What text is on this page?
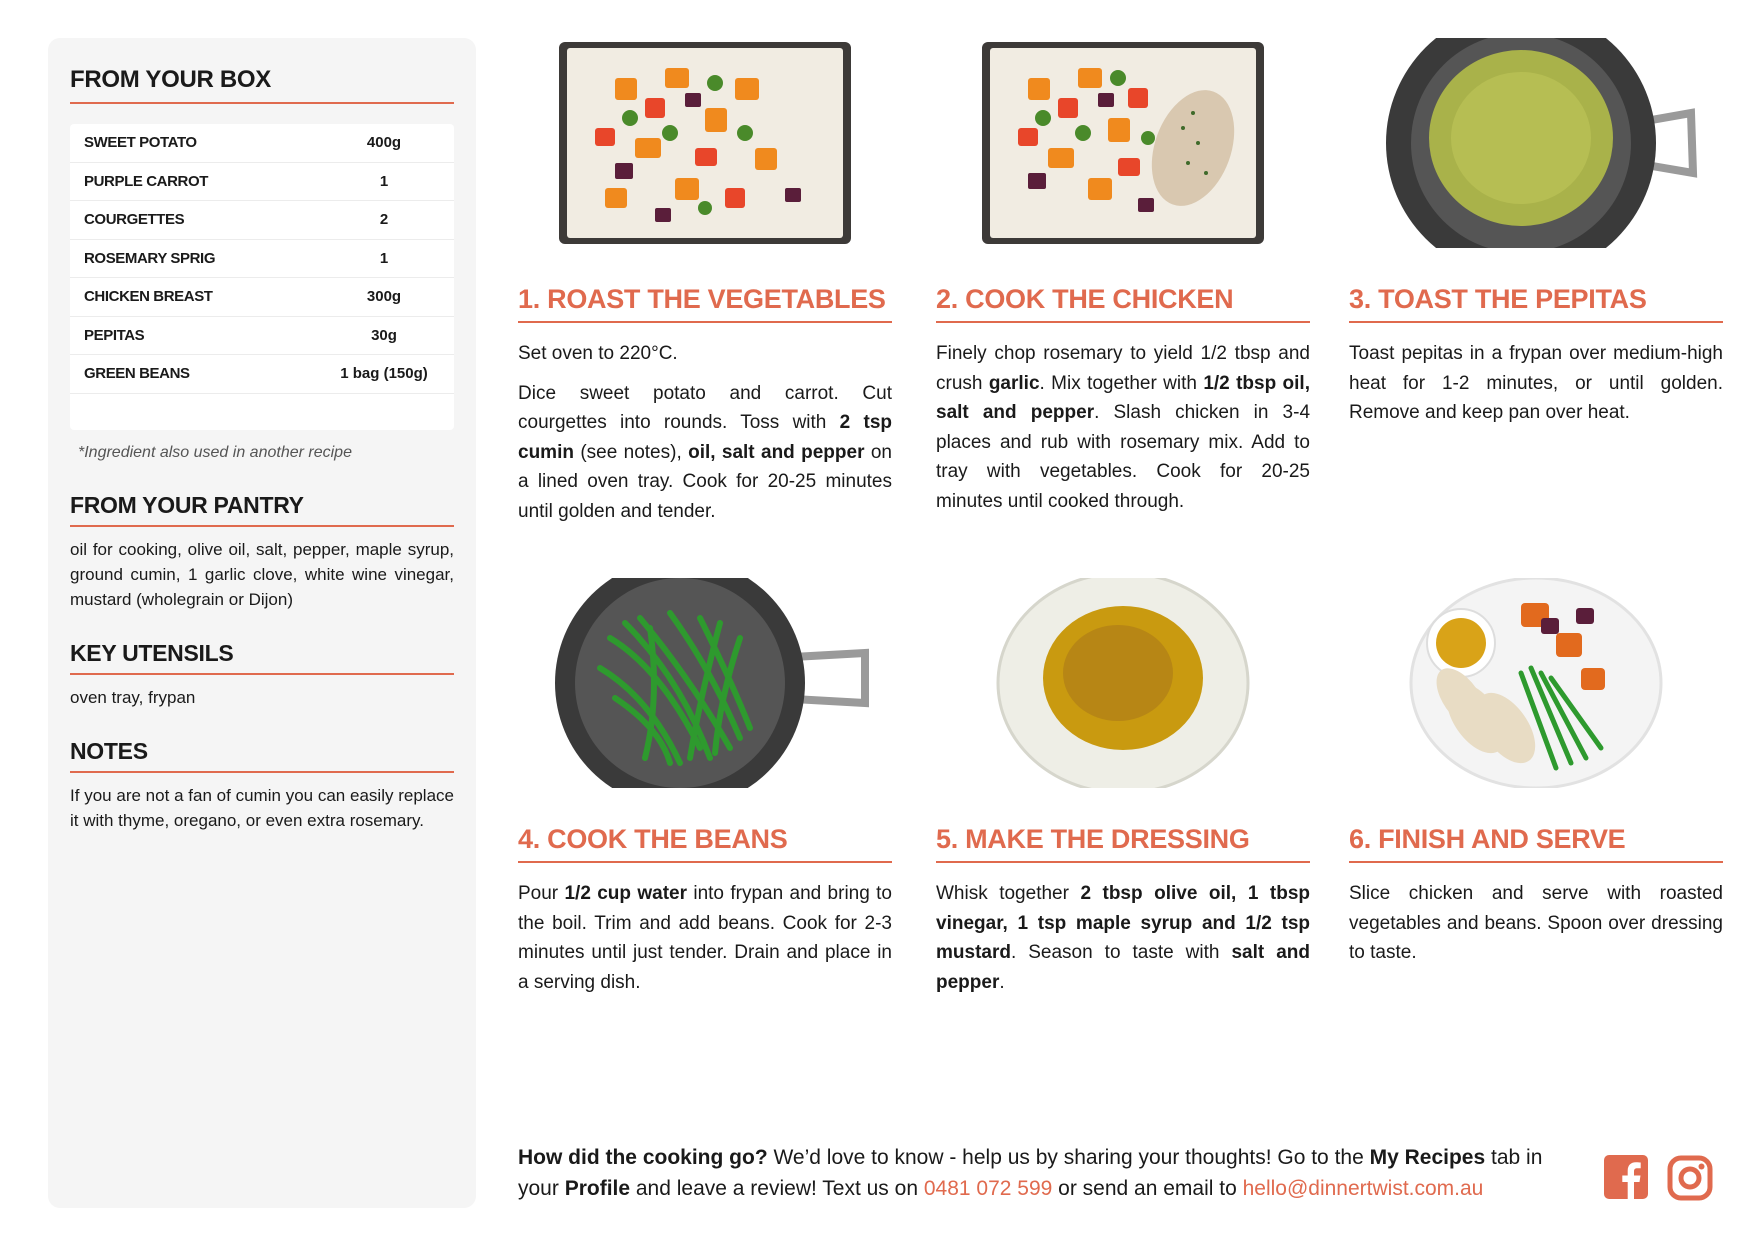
FROM YOUR BOX
SWEET POTATO	400g
PURPLE CARROT	1
COURGETTES	2
ROSEMARY SPRIG	1
CHICKEN BREAST	300g
PEPITAS	30g
GREEN BEANS	1 bag (150g)
*Ingredient also used in another recipe
FROM YOUR PANTRY
oil for cooking, olive oil, salt, pepper, maple syrup, ground cumin, 1 garlic clove, white wine vinegar, mustard (wholegrain or Dijon)
KEY UTENSILS
oven tray, frypan
NOTES
If you are not a fan of cumin you can easily replace it with thyme, oregano, or even extra rosemary.
1. ROAST THE VEGETABLES

Set oven to 220°C.

Dice sweet potato and carrot. Cut courgettes into rounds. Toss with 2 tsp cumin (see notes), oil, salt and pepper on a lined oven tray. Cook for 20-25 minutes until golden and tender.

2. COOK THE CHICKEN

Finely chop rosemary to yield 1/2 tbsp and crush garlic. Mix together with 1/2 tbsp oil, salt and pepper. Slash chicken in 3-4 places and rub with rosemary mix. Add to tray with vegetables. Cook for 20-25 minutes until cooked through.

3. TOAST THE PEPITAS

Toast pepitas in a frypan over medium-high heat for 1-2 minutes, or until golden. Remove and keep pan over heat.

4. COOK THE BEANS

Pour 1/2 cup water into frypan and bring to the boil. Trim and add beans. Cook for 2-3 minutes until just tender. Drain and place in a serving dish.

5. MAKE THE DRESSING

Whisk together 2 tbsp olive oil, 1 tbsp vinegar, 1 tsp maple syrup and 1/2 tsp mustard. Season to taste with salt and pepper.

6. FINISH AND SERVE

Slice chicken and serve with roasted vegetables and beans. Spoon over dressing to taste.

How did the cooking go? We’d love to know - help us by sharing your thoughts! Go to the My Recipes tab in your Profile and leave a review! Text us on 0481 072 599 or send an email to hello@dinnertwist.com.au
